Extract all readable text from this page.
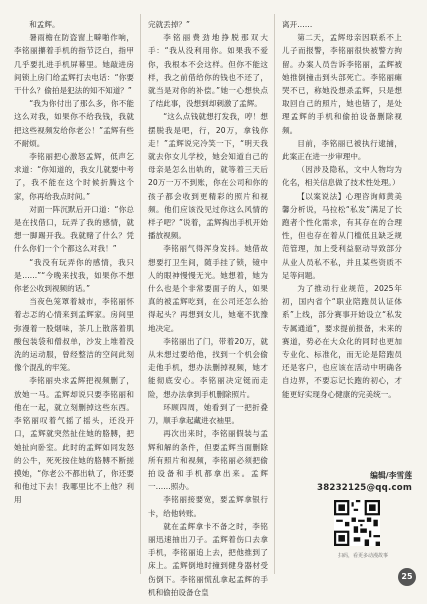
和孟辉。

暑雨檐在防盗窗上噼啪作响，李铭丽攥着手机的指节泛白，指甲几乎要扎进手机屏幕里。她敲进房间锁上房门给孟辉打去电话：“你要干什么？偷拍是犯法的知不知道？”

“我为你付出了那么多，你不能这么对我，如果你不给我钱，我就把这些视频发给你老公！”孟辉有些不耐烦。

李铭丽把心激怒孟辉，低声乞求道：“你知道的，我女儿就要中考了，我不能在这个时候折腾这个家，你再给我点时间。”

对面一阵沉默后开口道：“你总是在找借口，玩弄了我的感情，就想一脚踢开我。我就赌了什么？凭什么你们一个个都这么对我！”

“我没有玩弄你的感情，我只是……”“今晚来找我，如果你不想你老公收到视频的话。”

当夜色笼罩着城市，李铭丽怀着忐忑的心情来到孟辉家。房间里弥漫着一股烟味，茶几上散落着肌酸包装袋和僧叔单，沙发上堆着没洗的运动服，曾经整洁的空间此刻像个混乱的牢笼。

李铭丽央求孟辉把视频删了，放她一马。孟辉却说只要李铭丽和他在一起，就立刻删掉这些东西。李铭丽叹着气摇了摇头，还没开口，孟辉就突然扯住她的胳膊，把她扯向卧室。此时的孟辉如同发怒的公牛，死死按住她的胳膊不断搓摸她，“你老公不都出轨了，你还要和他过下去！我哪里比不上他？利用

完就丢掉？”

李铭丽费劲地挣脱那双大手：“我从没利用你。如果我不爱你，我根本不会这样。但你不能这样，我之前借给你的钱也不还了，就当是对你的补偿。”她一心想快点了结此事，没想到却刺激了孟辉。

“这么点钱就想打发我，哼！想摆脱我是吧，行，20万，拿钱你走！”孟辉说完冷笑一下，“明天我就去你女儿学校，她会知道自己的母亲是怎么出轨的，就等着三天后20万一万不到账，你在公司和你的孩子都会收到更精彩的照片和视频。他们应该没见过你这么风情的样子吧？”说着，孟辉掏出手机开始播放视频。

李铭丽气得浑身发抖。她借故想要打卫生间，随手挂了锁，镜中人的眼神慢慢无光。她想着，她为什么也是个非常要面子的人，如果真的被孟辉吃到，在公司还怎么抬得起头？再想到女儿，她毫不犹豫地决定。

李铭丽出了门，带着20万，就从未想过要给他，找到一个机会偷走他手机，想办法删掉视频，她才能彻底安心。李铭丽决定铤而走险，想办法拿到手机删除照片。

环顾四周，她看到了一把折叠刀，顺手拿起藏进衣袖里。

再次出来时，李铭丽假装与孟辉和解的条件，但要孟辉当面删除所有照片和视频，李铭丽必须把偷拍设备和手机都拿出来。孟辉一……照办。

李铭丽接要宽，要孟辉拿银行卡，给他转账。

就在孟辉拿卡不备之时，李铭丽迅速抽出刀子。孟辉着伤口去拿手机，李铭丽追上去，把他推到了床上。孟辉倒地时撞到健身器材受伤倒下。李铭丽慌乱拿起孟辉的手机和偷拍设备仓皇

离开……

第二天，孟辉母亲因联系不上儿子而报警，李铭丽很快被警方拘留。办案人员告诉李铭丽，孟辉被她推倒撞击到头部死亡。李铭丽瘫哭不已，称她没想杀孟辉，只是想取回自己的照片，她也错了，是处理孟辉的手机和偷拍设备删除视频。

目前，李铭丽已被执行逮捕，此案正在进一步审理中。

（因涉及隐私，文中人物均为化名，相关信息做了技术性处理。）

【以案说法】心理咨询师黄美馨分析说，马拉松“私发”满足了长跑者个性化需求，有其存在的合理性，但也存在着从门槛低且缺乏规范管理，加上受利益驱动导致部分从业人员私不私，并且某些资质不足等问题。

为了推动行业规范，2025年初，国内省个“职业陪跑员认证体系”上线，部分赛事开始设立“私发专属通道”，要求提前报备，未来的赛道，势必在大众化的同时也更加专业化、标准化，而无论是陪跑员还是客户，也应该在活动中明确各自边界，不要忘记长跑的初心，才能更好实现身心健康的完美统一。

编辑/李雪莲
38232125@qq.com
扫码，看更多动漫故事
25
